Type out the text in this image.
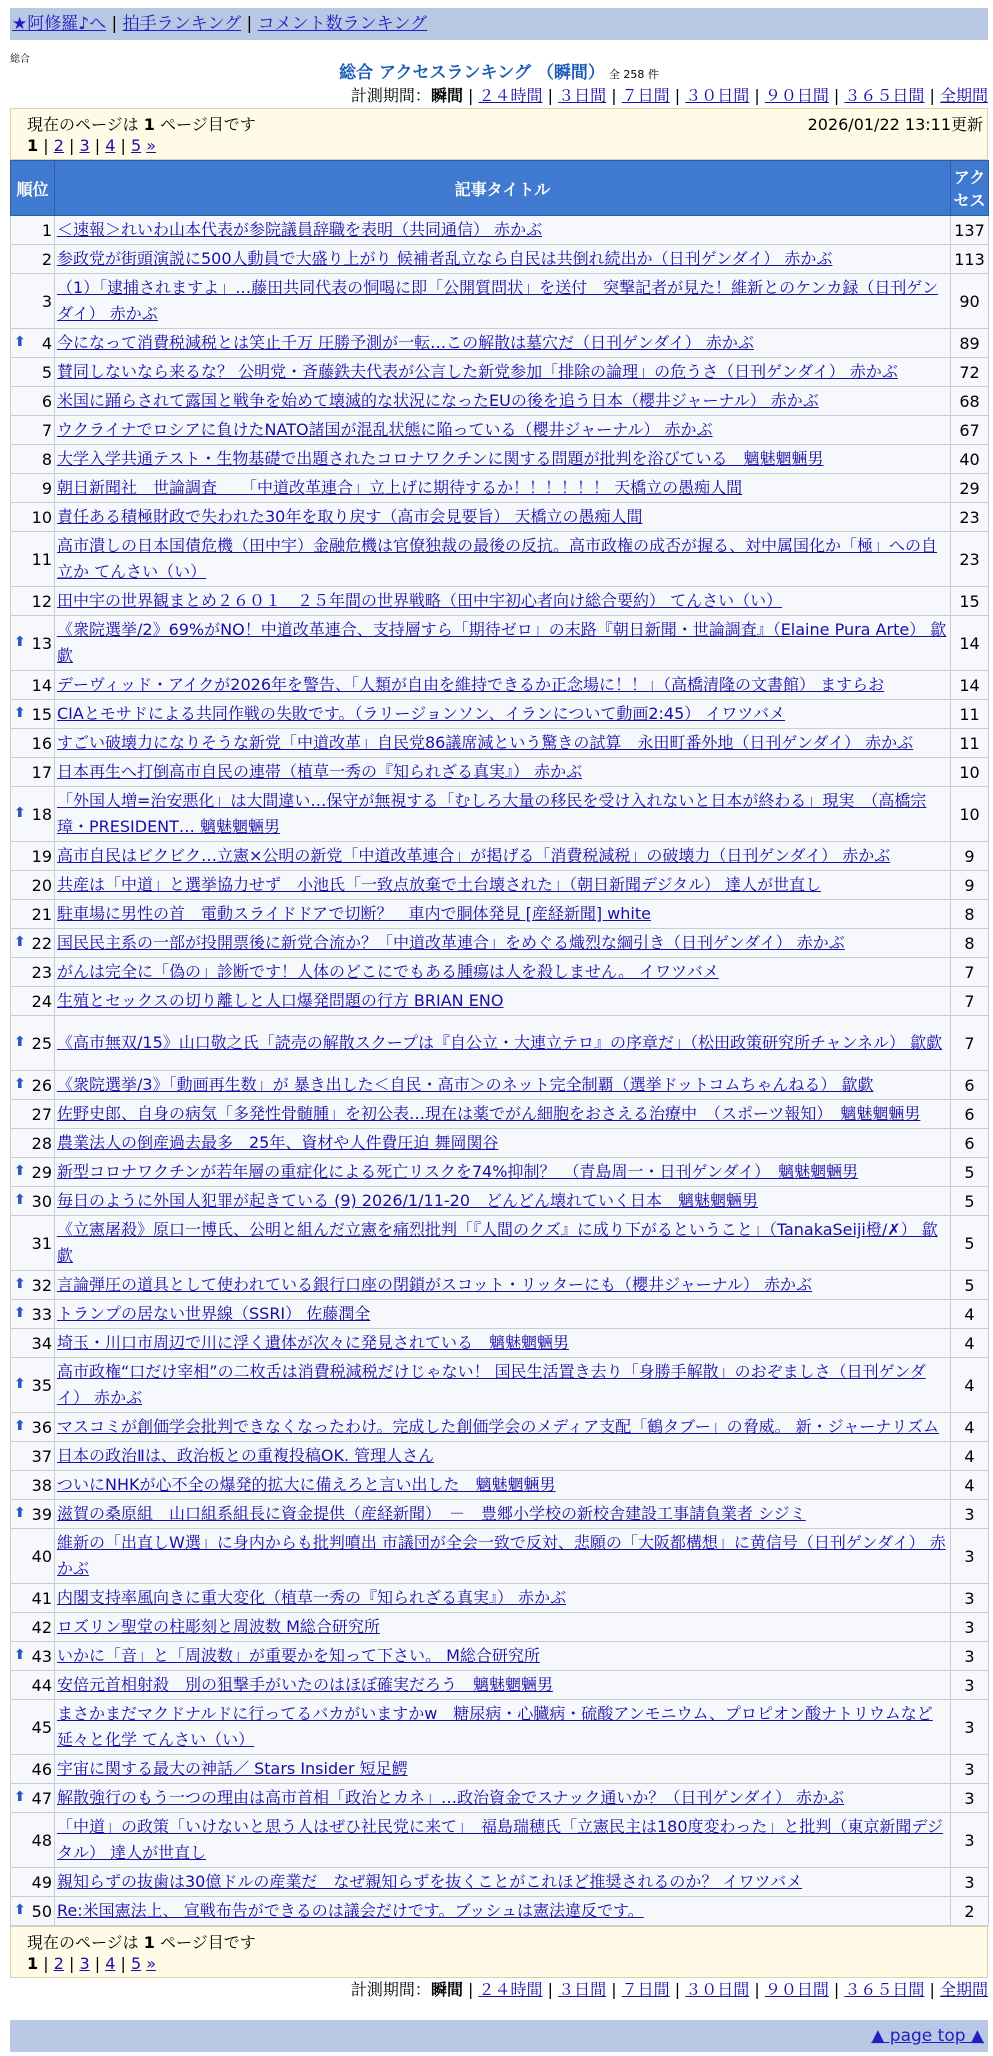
★阿修羅♪へ | 拍手ランキング | コメント数ランキング
総合
総合 アクセスランキング （瞬間） 全 258 件
計測期間：瞬間 | ２４時間 | ３日間 | ７日間 | ３０日間 | ９０日間 | ３６５日間 | 全期間
現在のページは 1 ページ目です	2026/01/22 13:11更新
1 | 2 | 3 | 4 | 5 »
順位	記事タイトル	アクセス
1	＜速報＞れいわ山本代表が参院議員辞職を表明（共同通信） 赤かぶ	137
2	参政党が街頭演説に500人動員で大盛り上がり 候補者乱立なら自民は共倒れ続出か（日刊ゲンダイ） 赤かぶ	113
3	（1）「逮捕されますよ」…藤田共同代表の恫喝に即「公開質問状」を送付　突撃記者が見た！維新とのケンカ録（日刊ゲンダイ） 赤かぶ	90

⬆ 4	今になって消費税減税とは笑止千万 圧勝予測が一転…この解散は墓穴だ（日刊ゲンダイ） 赤かぶ	89
5	賛同しないなら来るな？ 公明党・斉藤鉄夫代表が公言した新党参加「排除の論理」の危うさ（日刊ゲンダイ） 赤かぶ	72
6	米国に踊らされて露国と戦争を始めて壊滅的な状況になったEUの後を追う日本（櫻井ジャーナル） 赤かぶ	68
7	ウクライナでロシアに負けたNATO諸国が混乱状態に陥っている（櫻井ジャーナル） 赤かぶ	67
8	大学入学共通テスト・生物基礎で出題されたコロナワクチンに関する問題が批判を浴びている　魑魅魍魎男	40
9	朝日新聞社　世論調査　　「中道改革連合」立上げに期待するか！！！！！！ 天橋立の愚痴人間	29
10	責任ある積極財政で失われた30年を取り戻す（高市会見要旨） 天橋立の愚痴人間	23
11	高市潰しの日本国債危機（田中宇）金融危機は官僚独裁の最後の反抗。高市政権の成否が握る、対中属国化か「極」への自立か てんさい（い）	23
12	田中宇の世界観まとめ２６０１　２５年間の世界戦略（田中宇初心者向け総合要約） てんさい（い）	15

⬆ 13	《衆院選挙/2》69%がNO！中道改革連合、支持層すら「期待ゼロ」の末路『朝日新聞・世論調査』（Elaine Pura Arte） 歙歔	14
14	デーヴィッド・アイクが2026年を警告、「人類が自由を維持できるか正念場に！！」（高橋清隆の文書館） ますらお	14

⬆ 15	CIAとモサドによる共同作戦の失敗です。（ラリージョンソン、イランについて動画2:45） イワツバメ	11
16	すごい破壊力になりそうな新党「中道改革」自民党86議席減という驚きの試算　永田町番外地（日刊ゲンダイ） 赤かぶ	11
17	日本再生へ打倒高市自民の連帯（植草一秀の『知られざる真実』） 赤かぶ	10

⬆ 18	「外国人増=治安悪化」は大間違い…保守が無視する「むしろ大量の移民を受け入れないと日本が終わる」現実　（高橋宗璋・PRESIDENT… 魑魅魍魎男	10
19	高市自民はビクビク…立憲×公明の新党「中道改革連合」が掲げる「消費税減税」の破壊力（日刊ゲンダイ） 赤かぶ	9
20	共産は「中道」と選挙協力せず　小池氏「一致点放棄で土台壊された」（朝日新聞デジタル） 達人が世直し	9
21	駐車場に男性の首　電動スライドドアで切断？　車内で胴体発見 [産経新聞] white	8

⬆ 22	国民民主系の一部が投開票後に新党合流か？「中道改革連合」をめぐる熾烈な綱引き（日刊ゲンダイ） 赤かぶ	8
23	がんは完全に「偽の」診断です！人体のどこにでもある腫瘍は人を殺しません。 イワツバメ	7
24	生殖とセックスの切り離しと人口爆発問題の行方 BRIAN ENO	7

⬆ 25	《高市無双/15》山口敬之氏「読売の解散スクープは『自公立・大連立テロ』の序章だ」（松田政策研究所チャンネル） 歙歔	7

⬆ 26	《衆院選挙/3》「動画再生数」が 暴き出した＜自民・高市＞のネット完全制覇（選挙ドットコムちゃんねる） 歙歔	6
27	佐野史郎、自身の病気「多発性骨髄腫」を初公表…現在は薬でがん細胞をおさえる治療中　（スポーツ報知）　魑魅魍魎男	6
28	農業法人の倒産過去最多　25年、資材や人件費圧迫 舞岡関谷	6

⬆ 29	新型コロナワクチンが若年層の重症化による死亡リスクを74%抑制？　（青島周一・日刊ゲンダイ）　魑魅魍魎男	5

⬆ 30	毎日のように外国人犯罪が起きている (9) 2026/1/11-20　どんどん壊れていく日本　魑魅魍魎男	5
31	《立憲屠殺》原口一博氏、公明と組んだ立憲を痛烈批判「『人間のクズ』に成り下がるということ」（TanakaSeiji橙/✗） 歙歔	5

⬆ 32	言論弾圧の道具として使われている銀行口座の閉鎖がスコット・リッターにも（櫻井ジャーナル） 赤かぶ	5

⬆ 33	トランプの居ない世界線（SSRI） 佐藤潤全	4
34	埼玉・川口市周辺で川に浮く遺体が次々に発見されている　魑魅魍魎男	4

⬆ 35	高市政権“口だけ宰相”の二枚舌は消費税減税だけじゃない！ 国民生活置き去り「身勝手解散」のおぞましさ（日刊ゲンダイ） 赤かぶ	4

⬆ 36	マスコミが創価学会批判できなくなったわけ。完成した創価学会のメディア支配「鶴タブー」の脅威。 新・ジャーナリズム	4
37	日本の政治Ⅱは、政治板との重複投稿OK. 管理人さん	4
38	ついにNHKが心不全の爆発的拡大に備えろと言い出した　魑魅魍魎男	4

⬆ 39	滋賀の桑原組　山口組系組長に資金提供（産経新聞）　－　豊郷小学校の新校舎建設工事請負業者 シジミ	3
40	維新の「出直しW選」に身内からも批判噴出 市議団が全会一致で反対、悲願の「大阪都構想」に黄信号（日刊ゲンダイ） 赤かぶ	3
41	内閣支持率風向きに重大変化（植草一秀の『知られざる真実』） 赤かぶ	3
42	ロズリン聖堂の柱彫刻と周波数 M総合研究所	3

⬆ 43	いかに「音」と「周波数」が重要かを知って下さい。 M総合研究所	3
44	安倍元首相射殺　別の狙撃手がいたのはほぼ確実だろう　魑魅魍魎男	3
45	まさかまだマクドナルドに行ってるバカがいますかw　糖尿病・心臓病・硫酸アンモニウム、プロピオン酸ナトリウムなど延々と化学 てんさい（い）	3
46	宇宙に関する最大の神話／ Stars Insider 短足鰐	3

⬆ 47	解散強行のもう一つの理由は高市首相「政治とカネ」…政治資金でスナック通いか？（日刊ゲンダイ） 赤かぶ	3
48	「中道」の政策「いけないと思う人はぜひ社民党に来て」　福島瑞穂氏「立憲民主は180度変わった」と批判（東京新聞デジタル） 達人が世直し	3
49	親知らずの抜歯は30億ドルの産業だ　なぜ親知らずを抜くことがこれほど推奨されるのか？ イワツバメ	3

⬆ 50	Re:米国憲法上、 宣戦布告ができるのは議会だけです。ブッシュは憲法違反です。	2
現在のページは 1 ページ目です
1 | 2 | 3 | 4 | 5 »
計測期間：瞬間 | ２４時間 | ３日間 | ７日間 | ３０日間 | ９０日間 | ３６５日間 | 全期間
▲ page top ▲
